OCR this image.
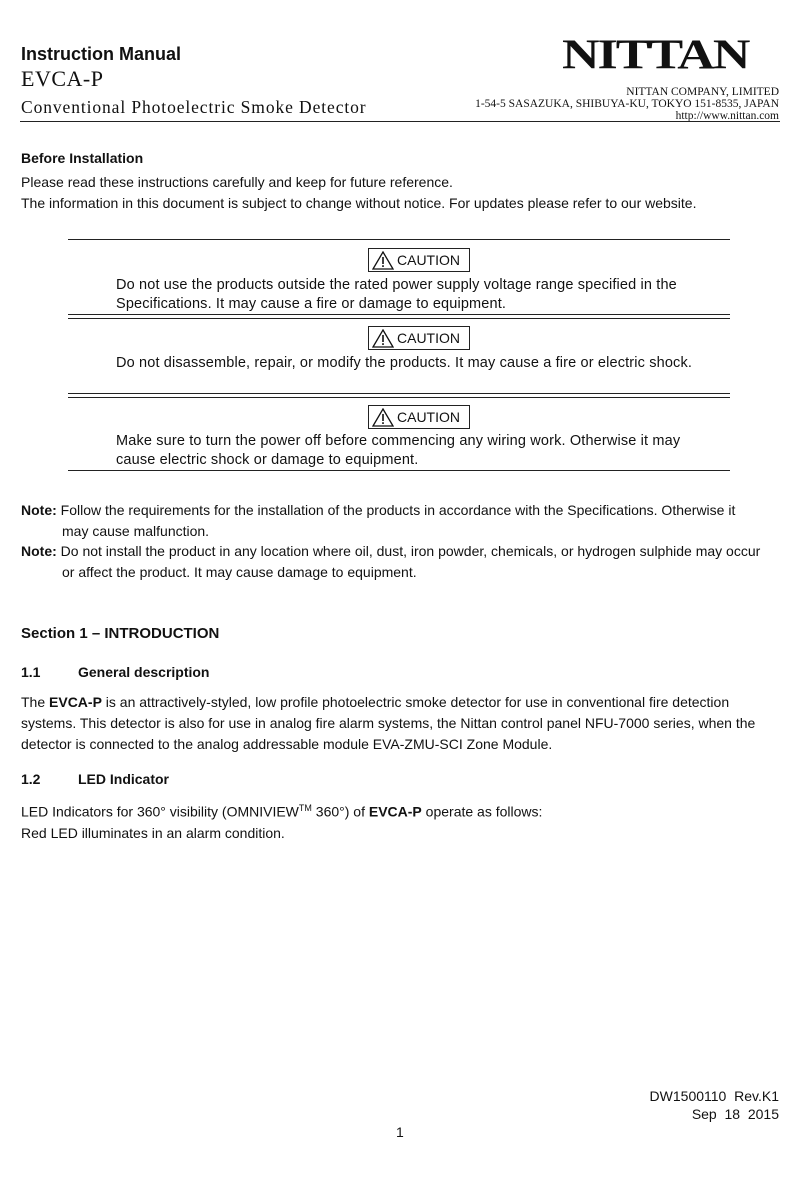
Instruction Manual
EVCA-P
Conventional Photoelectric Smoke Detector
NITTAN
NITTAN COMPANY, LIMITED
1-54-5 SASAZUKA, SHIBUYA-KU, TOKYO 151-8535, JAPAN
http://www.nittan.com
Before Installation
Please read these instructions carefully and keep for future reference.
The information in this document is subject to change without notice. For updates please refer to our website.
CAUTION
Do not use the products outside the rated power supply voltage range specified in the Specifications. It may cause a fire or damage to equipment.
CAUTION
Do not disassemble, repair, or modify the products. It may cause a fire or electric shock.
CAUTION
Make sure to turn the power off before commencing any wiring work. Otherwise it may cause electric shock or damage to equipment.
Note: Follow the requirements for the installation of the products in accordance with the Specifications. Otherwise it
may cause malfunction.
Note: Do not install the product in any location where oil, dust, iron powder, chemicals, or hydrogen sulphide may occur
or affect the product. It may cause damage to equipment.
Section 1 – INTRODUCTION
1.1	General description
The EVCA-P is an attractively-styled, low profile photoelectric smoke detector for use in conventional fire detection
systems. This detector is also for use in analog fire alarm systems, the Nittan control panel NFU-7000 series, when the
detector is connected to the analog addressable module EVA-ZMU-SCI Zone Module.
1.2	LED Indicator
LED Indicators for 360° visibility (OMNIVIEW™ 360°) of EVCA-P operate as follows:
Red LED illuminates in an alarm condition.
DW1500110  Rev.K1
Sep  18  2015
1
